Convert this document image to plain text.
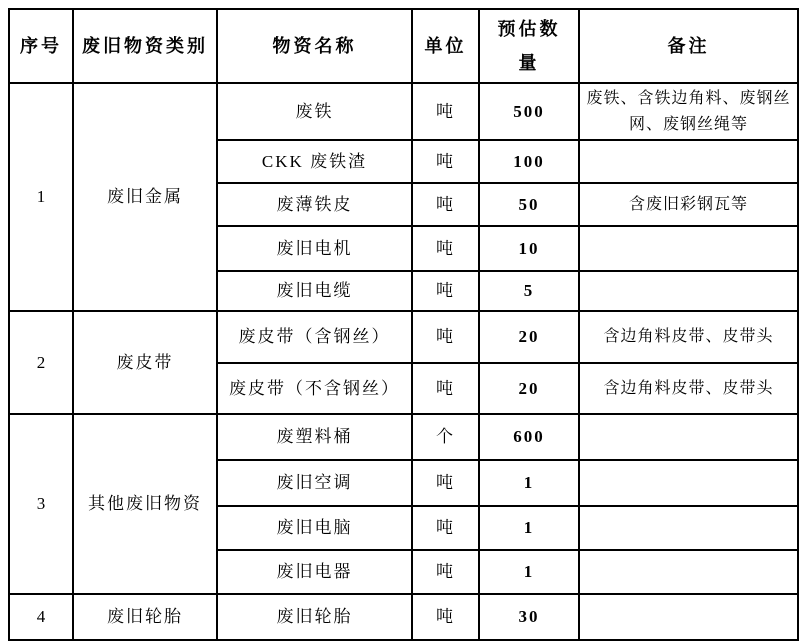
序号	废旧物资类别	物资名称	单位	预估数量	备注
1	废旧金属	废铁	吨	500	废铁、含铁边角料、废钢丝网、废钢丝绳等
		CKK 废铁渣	吨	100	
		废薄铁皮	吨	50	含废旧彩钢瓦等
		废旧电机	吨	10	
		废旧电缆	吨	5	
2	废皮带	废皮带（含钢丝）	吨	20	含边角料皮带、皮带头
		废皮带（不含钢丝）	吨	20	含边角料皮带、皮带头
3	其他废旧物资	废塑料桶	个	600	
		废旧空调	吨	1	
		废旧电脑	吨	1	
		废旧电器	吨	1	
4	废旧轮胎	废旧轮胎	吨	30	
